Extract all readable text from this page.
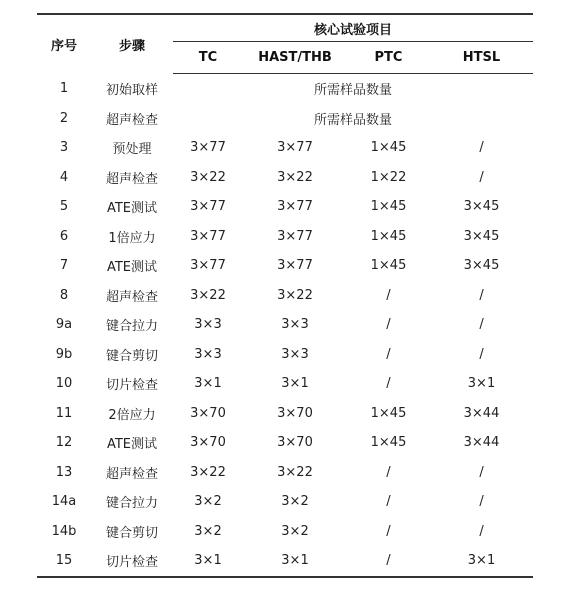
序号	步骤	核心试验项目			
		TC	HAST/THB	PTC	HTSL
1	初始取样	所需样品数量			
2	超声检查	所需样品数量			
3	预处理	3×77	3×77	1×45	/
4	超声检查	3×22	3×22	1×22	/
5	ATE测试	3×77	3×77	1×45	3×45
6	1倍应力	3×77	3×77	1×45	3×45
7	ATE测试	3×77	3×77	1×45	3×45
8	超声检查	3×22	3×22	/	/
9a	键合拉力	3×3	3×3	/	/
9b	键合剪切	3×3	3×3	/	/
10	切片检查	3×1	3×1	/	3×1
11	2倍应力	3×70	3×70	1×45	3×44
12	ATE测试	3×70	3×70	1×45	3×44
13	超声检查	3×22	3×22	/	/
14a	键合拉力	3×2	3×2	/	/
14b	键合剪切	3×2	3×2	/	/
15	切片检查	3×1	3×1	/	3×1
